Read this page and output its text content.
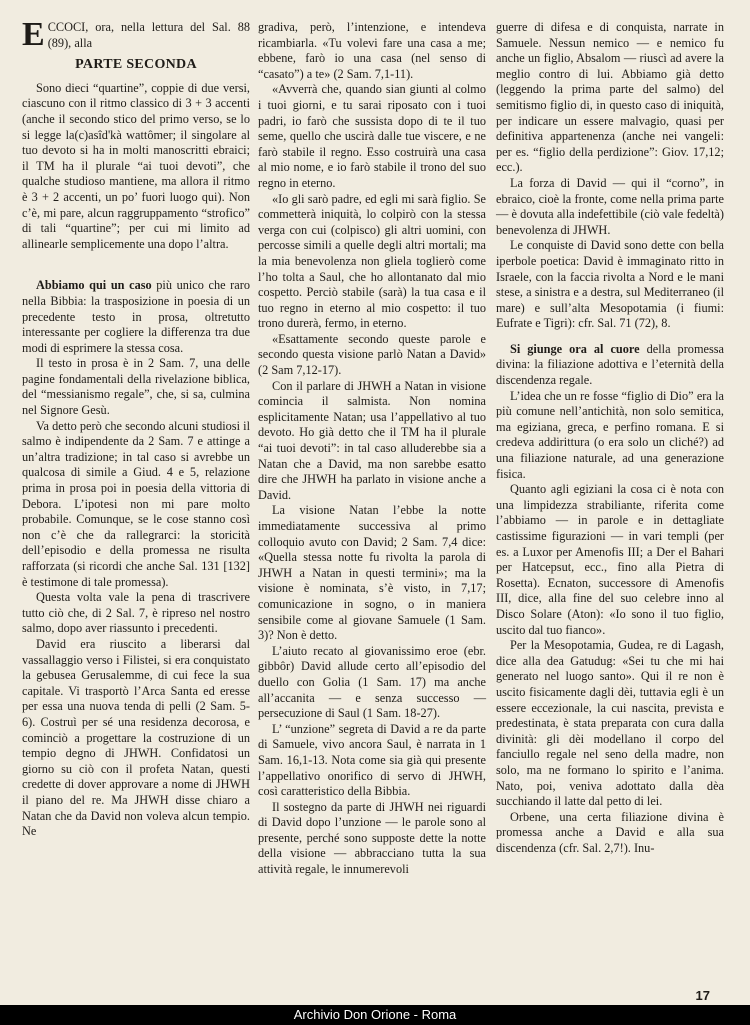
ECCOCI, ora, nella lettura del Sal. 88 (89), alla

PARTE SECONDA

Sono dieci “quartine”, coppie di due versi, ciascuno con il ritmo classico di 3 + 3 accenti (anche il secondo stico del primo verso, se lo si legge la(c)asîd'kà wattômer; il singolare al tuo devoto si ha in molti manoscritti ebraici; il TM ha il plurale “ai tuoi devoti”, che qualche studioso mantiene, ma allora il ritmo è 3 + 2 accenti, un po’ fuori luogo qui). Non c’è, mi pare, alcun raggruppamento “strofico” di tali “quartine”; per cui mi limito ad allinearle semplicemente una dopo l’altra.

Abbiamo qui un caso più unico che raro nella Bibbia: la trasposizione in poesia di un precedente testo in prosa, oltretutto interessante per cogliere la differenza tra due modi di esprimere la stessa cosa.

Il testo in prosa è in 2 Sam. 7, una delle pagine fondamentali della rivelazione biblica, del “messianismo regale”, che, si sa, culmina nel Signore Gesù.

Va detto però che secondo alcuni studiosi il salmo è indipendente da 2 Sam. 7 e attinge a un’altra tradizione; in tal caso si avrebbe un qualcosa di simile a Giud. 4 e 5, relazione prima in prosa poi in poesia della vittoria di Debora. L’ipotesi non mi pare molto probabile. Comunque, se le cose stanno così non c’è che da rallegrarci: la storicità dell’episodio e della promessa ne risulta rafforzata (si ricordi che anche Sal. 131 [132] è testimone di tale promessa).

Questa volta vale la pena di trascrivere tutto ciò che, di 2 Sal. 7, è ripreso nel nostro salmo, dopo aver riassunto i precedenti.

David era riuscito a liberarsi dal vassallaggio verso i Filistei, si era conquistato la gebusea Gerusalemme, di cui fece la sua capitale. Vi trasportò l’Arca Santa ed eresse per essa una nuova tenda di pelli (2 Sam. 5-6). Costruì per sé una residenza decorosa, e cominciò a progettare la costruzione di un tempio degno di JHWH. Confidatosi un giorno su ciò con il profeta Natan, questi credette di dover approvare a nome di JHWH il piano del re. Ma JHWH disse chiaro a Natan che da David non voleva alcun tempio. Ne

gradiva, però, l’intenzione, e intendeva ricambiarla. «Tu volevi fare una casa a me; ebbene, farò io una casa (nel senso di “casato”) a te» (2 Sam. 7,1-11).

«Avverrà che, quando sian giunti al colmo i tuoi giorni, e tu sarai riposato con i tuoi padri, io farò che sussista dopo di te il tuo seme, quello che uscirà dalle tue viscere, e ne farò stabile il regno. Esso costruirà una casa al mio nome, e io farò stabile il trono del suo regno in eterno.

«Io gli sarò padre, ed egli mi sarà figlio. Se commetterà iniquità, lo colpirò con la stessa verga con cui (colpisco) gli altri uomini, con percosse simili a quelle degli altri mortali; ma la mia benevolenza non gliela toglierò come l’ho tolta a Saul, che ho allontanato dal mio cospetto. Perciò stabile (sarà) la tua casa e il tuo regno in eterno al mio cospetto: il tuo trono durerà, fermo, in eterno.

«Esattamente secondo queste parole e secondo questa visione parlò Natan a David» (2 Sam 7,12-17).

Con il parlare di JHWH a Natan in visione comincia il salmista. Non nomina esplicitamente Natan; usa l’appellativo al tuo devoto. Ho già detto che il TM ha il plurale “ai tuoi devoti”: in tal caso alluderebbe sia a Natan che a David, ma non sarebbe esatto dire che JHWH ha parlato in visione anche a David.

La visione Natan l’ebbe la notte immediatamente successiva al primo colloquio avuto con David; 2 Sam. 7,4 dice: «Quella stessa notte fu rivolta la parola di JHWH a Natan in questi termini»; ma la visione è nominata, s’è visto, in 7,17; comunicazione in sogno, o in maniera sensibile come al giovane Samuele (1 Sam. 3)? Non è detto.

L’aiuto recato al giovanissimo eroe (ebr. gibbôr) David allude certo all’episodio del duello con Golia (1 Sam. 17) ma anche all’accanita — e senza successo — persecuzione di Saul (1 Sam. 18-27).

L’ “unzione” segreta di David a re da parte di Samuele, vivo ancora Saul, è narrata in 1 Sam. 16,1-13. Nota come sia già qui presente l’appellativo onorifico di servo di JHWH, così caratteristico della Bibbia.

Il sostegno da parte di JHWH nei riguardi di David dopo l’unzione — le parole sono al presente, perché sono supposte dette la notte della visione — abbracciano tutta la sua attività regale, le innumerevoli

guerre di difesa e di conquista, narrate in Samuele. Nessun nemico — e nemico fu anche un figlio, Absalom — riuscì ad avere la meglio contro di lui. Abbiamo già detto (leggendo la prima parte del salmo) del semitismo figlio di, in questo caso di iniquità, per indicare un essere malvagio, quasi per definitiva appartenenza (anche nei vangeli: per es. “figlio della perdizione”: Giov. 17,12; ecc.).

La forza di David — qui il “corno”, in ebraico, cioè la fronte, come nella prima parte — è dovuta alla indefettibile (ciò vale fedeltà) benevolenza di JHWH.

Le conquiste di David sono dette con bella iperbole poetica: David è immaginato ritto in Israele, con la faccia rivolta a Nord e le mani stese, a sinistra e a destra, sul Mediterraneo (il mare) e sull’alta Mesopotamia (i fiumi: Eufrate e Tigri): cfr. Sal. 71 (72), 8.

Si giunge ora al cuore della promessa divina: la filiazione adottiva e l’eternità della discendenza regale.

L’idea che un re fosse “figlio di Dio” era la più comune nell’antichità, non solo semitica, ma egiziana, greca, e perfino romana. E si credeva addirittura (o era solo un cliché?) ad una filiazione naturale, ad una generazione fisica.

Quanto agli egiziani la cosa ci è nota con una limpidezza strabiliante, riferita come l’abbiamo — in parole e in dettagliate castissime figurazioni — in vari templi (per es. a Luxor per Amenofis III; a Der el Bahari per Hatcepsut, ecc., fino alla Pietra di Rosetta). Ecnaton, successore di Amenofis III, dice, alla fine del suo celebre inno al Disco Solare (Aton): «Io sono il tuo figlio, uscito dal tuo fianco».

Per la Mesopotamia, Gudea, re di Lagash, dice alla dea Gatudug: «Sei tu che mi hai generato nel luogo santo». Qui il re non è uscito fisicamente dagli dèi, tuttavia egli è un essere eccezionale, la cui nascita, prevista e predestinata, è stata preparata con cura dalla divinità: gli dèi modellano il corpo del fanciullo regale nel seno della madre, non solo, ma ne formano lo spirito e l’anima. Nato, poi, veniva adottato dalla dèa succhiando il latte dal petto di lei.

Orbene, una certa filiazione divina è promessa anche a David e alla sua discendenza (cfr. Sal. 2,7!). Inu-

17
Archivio Don Orione - Roma
